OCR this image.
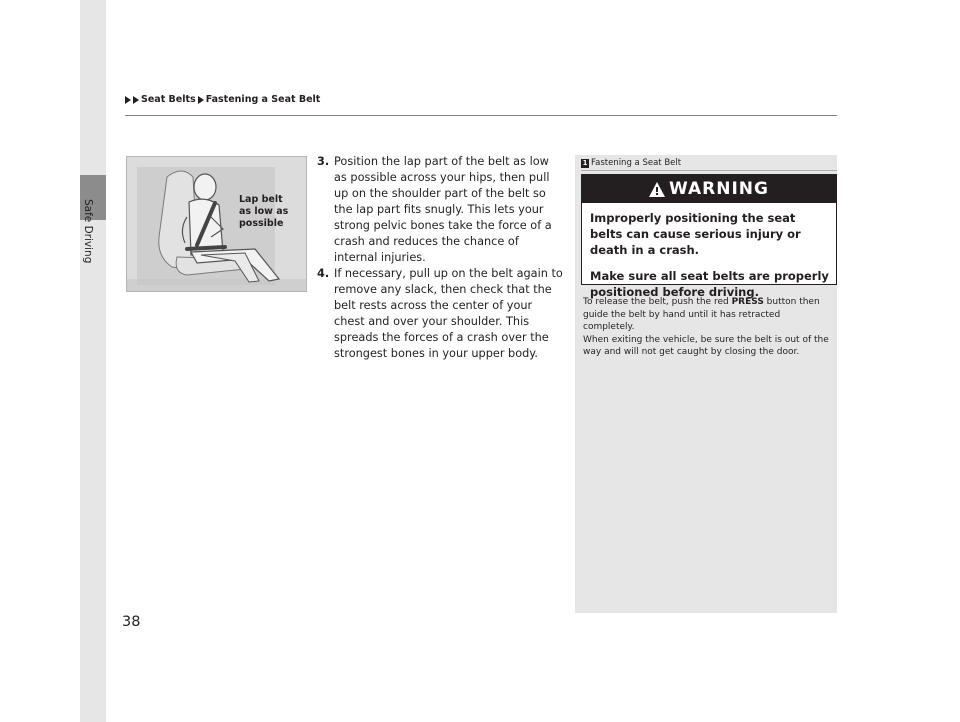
Safe Driving
Seat Belts Fastening a Seat Belt
Lap belt
as low as
possible

3. Position the lap part of the belt as low as possible across your hips, then pull up on the shoulder part of the belt so the lap part fits snugly. This lets your strong pelvic bones take the force of a crash and reduces the chance of internal injuries.

4. If necessary, pull up on the belt again to remove any slack, then check that the belt rests across the center of your chest and over your shoulder. This spreads the forces of a crash over the strongest bones in your upper body.

1 Fastening a Seat Belt
WARNING

Improperly positioning the seat belts can cause serious injury or death in a crash.

Make sure all seat belts are properly positioned before driving.

To release the belt, push the red PRESS button then guide the belt by hand until it has retracted completely.

When exiting the vehicle, be sure the belt is out of the way and will not get caught by closing the door.

38
